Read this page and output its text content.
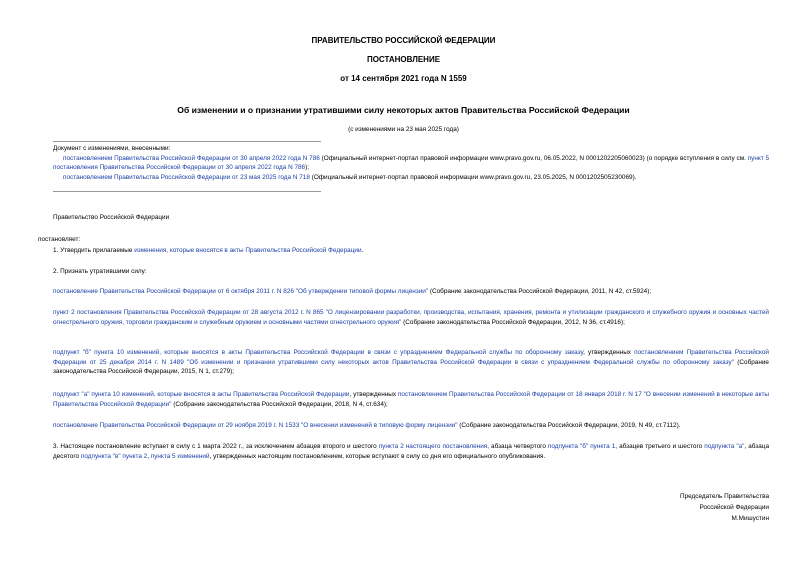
ПРАВИТЕЛЬСТВО РОССИЙСКОЙ ФЕДЕРАЦИИ
ПОСТАНОВЛЕНИЕ
от 14 сентября 2021 года N 1559
Об изменении и о признании утратившими силу некоторых актов Правительства Российской Федерации
(с изменениями на 23 мая 2025 года)
Документ с изменениями, внесенными:
постановлением Правительства Российской Федерации от 30 апреля 2022 года N 786 (Официальный интернет-портал правовой информации www.pravo.gov.ru, 06.05.2022, N 0001202205060023) (о порядке вступления в силу см. пункт 5 постановления Правительства Российской Федерации от 30 апреля 2022 года N 786);
постановлением Правительства Российской Федерации от 23 мая 2025 года N 718 (Официальный интернет-портал правовой информации www.pravo.gov.ru, 23.05.2025, N 0001202505230069).
Правительство Российской Федерации
постановляет:
1. Утвердить прилагаемые изменения, которые вносятся в акты Правительства Российской Федерации.
2. Признать утратившими силу:
постановление Правительства Российской Федерации от 6 октября 2011 г. N 826 "Об утверждении типовой формы лицензии" (Собрание законодательства Российской Федерации, 2011, N 42, ст.5924);
пункт 2 постановления Правительства Российской Федерации от 28 августа 2012 г. N 865 "О лицензировании разработки, производства, испытания, хранения, ремонта и утилизации гражданского и служебного оружия и основных частей огнестрельного оружия, торговли гражданским и служебным оружием и основными частями огнестрельного оружия" (Собрание законодательства Российской Федерации, 2012, N 36, ст.4916);
подпункт "б" пункта 10 изменений, которые вносятся в акты Правительства Российской Федерации в связи с упразднением Федеральной службы по оборонному заказу, утвержденных постановлением Правительства Российской Федерации от 25 декабря 2014 г. N 1489 "Об изменении и признании утратившими силу некоторых актов Правительства Российской Федерации в связи с упразднением Федеральной службы по оборонному заказу" (Собрание законодательства Российской Федерации, 2015, N 1, ст.279);
подпункт "а" пункта 10 изменений, которые вносятся в акты Правительства Российской Федерации, утвержденных постановлением Правительства Российской Федерации от 18 января 2018 г. N 17 "О внесении изменений в некоторые акты Правительства Российской Федерации" (Собрание законодательства Российской Федерации, 2018, N 4, ст.634);
постановление Правительства Российской Федерации от 29 ноября 2019 г. N 1533 "О внесении изменений в типовую форму лицензии" (Собрание законодательства Российской Федерации, 2019, N 49, ст.7112).
3. Настоящее постановление вступает в силу с 1 марта 2022 г., за исключением абзацев второго и шестого пункта 2 настоящего постановления, абзаца четвертого подпункта "б" пункта 1, абзацев третьего и шестого подпункта "а", абзаца десятого подпункта "в" пункта 2, пункта 5 изменений, утвержденных настоящим постановлением, которые вступают в силу со дня его официального опубликования.
Председатель Правительства
Российской Федерации
М.Мишустин
